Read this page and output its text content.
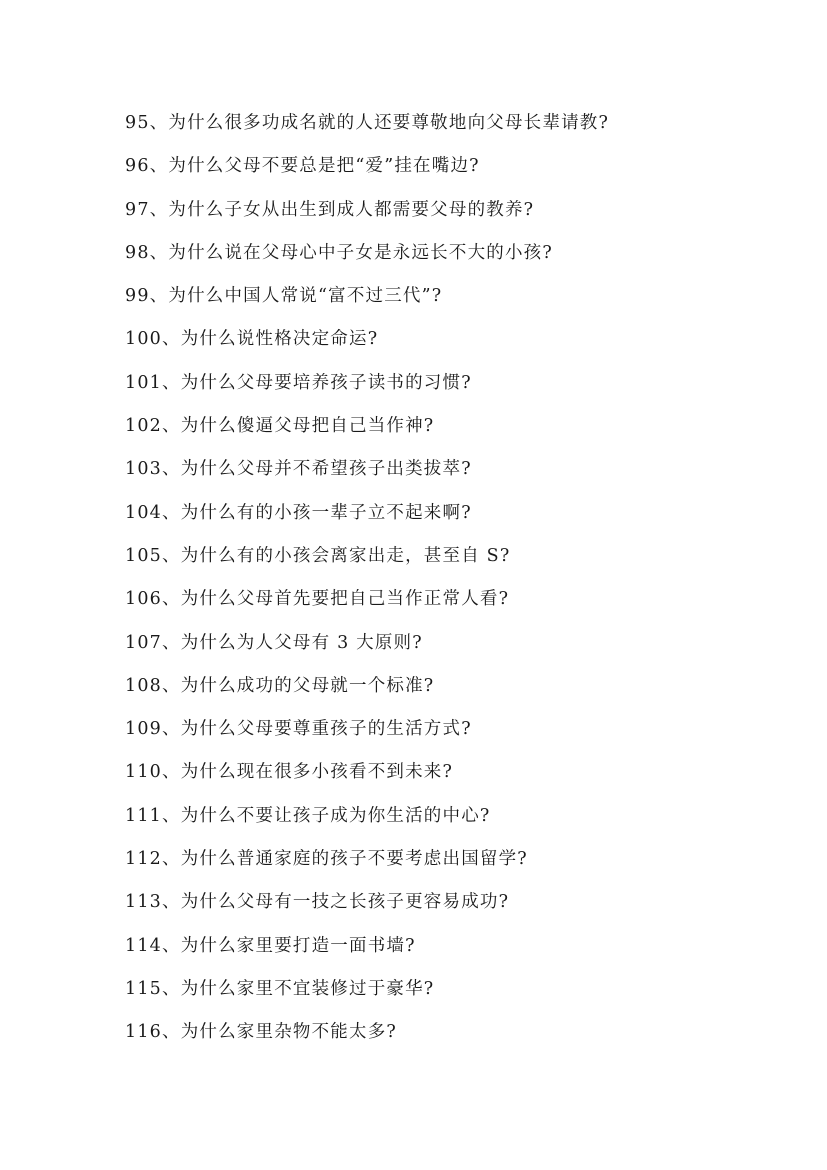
95、为什么很多功成名就的人还要尊敬地向父母长辈请教?
96、为什么父母不要总是把“爱”挂在嘴边?
97、为什么子女从出生到成人都需要父母的教养?
98、为什么说在父母心中子女是永远长不大的小孩?
99、为什么中国人常说“富不过三代”?
100、为什么说性格决定命运?
101、为什么父母要培养孩子读书的习惯?
102、为什么傻逼父母把自己当作神?
103、为什么父母并不希望孩子出类拔萃?
104、为什么有的小孩一辈子立不起来啊?
105、为什么有的小孩会离家出走，甚至自 S?
106、为什么父母首先要把自己当作正常人看?
107、为什么为人父母有 3 大原则?
108、为什么成功的父母就一个标准?
109、为什么父母要尊重孩子的生活方式?
110、为什么现在很多小孩看不到未来?
111、为什么不要让孩子成为你生活的中心?
112、为什么普通家庭的孩子不要考虑出国留学?
113、为什么父母有一技之长孩子更容易成功?
114、为什么家里要打造一面书墙?
115、为什么家里不宜装修过于豪华?
116、为什么家里杂物不能太多?
